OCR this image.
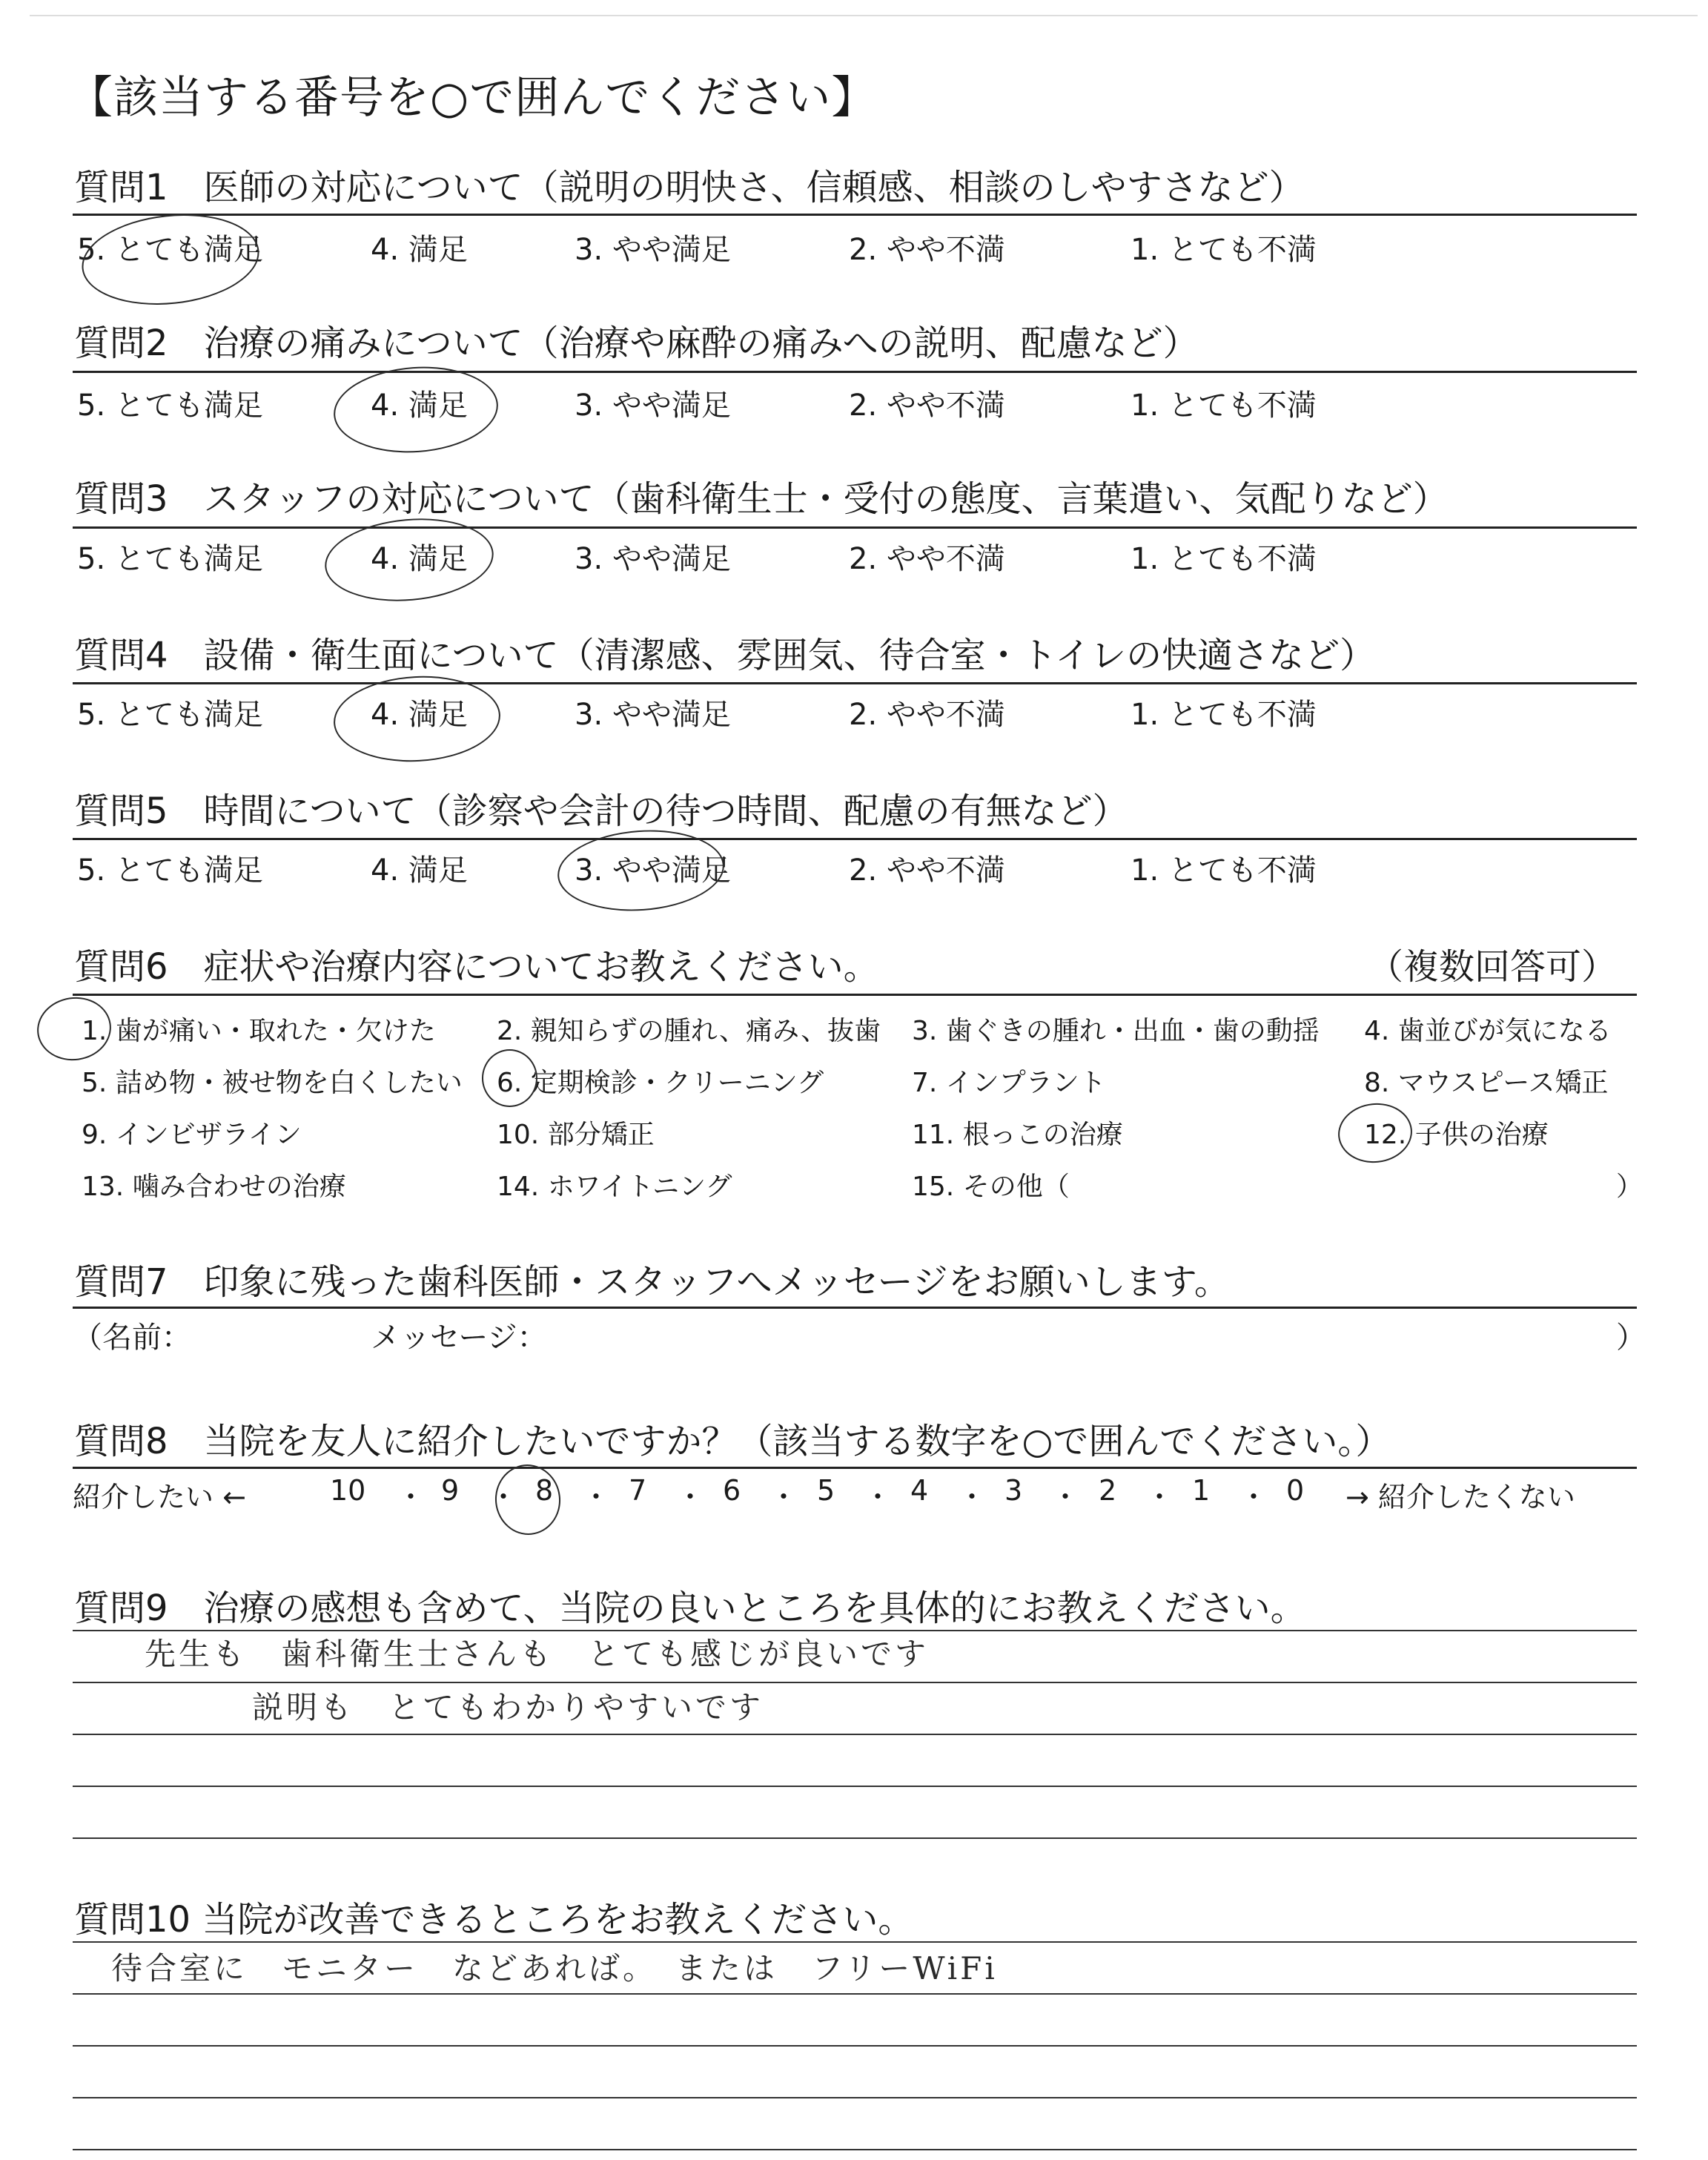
【該当する番号を○で囲んでください】
質問1　医師の対応について（説明の明快さ、信頼感、相談のしやすさなど）
5. とても満足	4. 満足	3. やや満足	2. やや不満	1. とても不満
質問2　治療の痛みについて（治療や麻酔の痛みへの説明、配慮など）
5. とても満足	4. 満足	3. やや満足	2. やや不満	1. とても不満
質問3　スタッフの対応について（歯科衛生士・受付の態度、言葉遣い、気配りなど）
5. とても満足	4. 満足	3. やや満足	2. やや不満	1. とても不満
質問4　設備・衛生面について（清潔感、雰囲気、待合室・トイレの快適さなど）
5. とても満足	4. 満足	3. やや満足	2. やや不満	1. とても不満
質問5　時間について（診察や会計の待つ時間、配慮の有無など）
5. とても満足	4. 満足	3. やや満足	2. やや不満	1. とても不満
質問6　症状や治療内容についてお教えください。	（複数回答可）
1. 歯が痛い・取れた・欠けた 2. 親知らずの腫れ、痛み、抜歯 3. 歯ぐきの腫れ・出血・歯の動揺 4. 歯並びが気になる
5. 詰め物・被せ物を白くしたい 6. 定期検診・クリーニング	7. インプラント	8. マウスピース矯正
9. インビザライン	10. 部分矯正	11. 根っこの治療	12. 子供の治療
13. 噛み合わせの治療	14. ホワイトニング	15. その他（	）
質問7　印象に残った歯科医師・スタッフへメッセージをお願いします。
（名前：	メッセージ：	）
質問8　当院を友人に紹介したいですか？（該当する数字を○で囲んでください。）
紹介したい ←	10 ・ 9 ・ 8 ・ 7 ・ 6 ・ 5 ・ 4 ・ 3 ・ 2 ・ 1 ・ 0 → 紹介したくない
質問9　治療の感想も含めて、当院の良いところを具体的にお教えください。
先生も　歯科衛生士さんも　とても感じが良いです
説明も　とてもわかりやすいです
質問10 当院が改善できるところをお教えください。
待合室に　モニター　などあれば。　または　フリーWiFi
